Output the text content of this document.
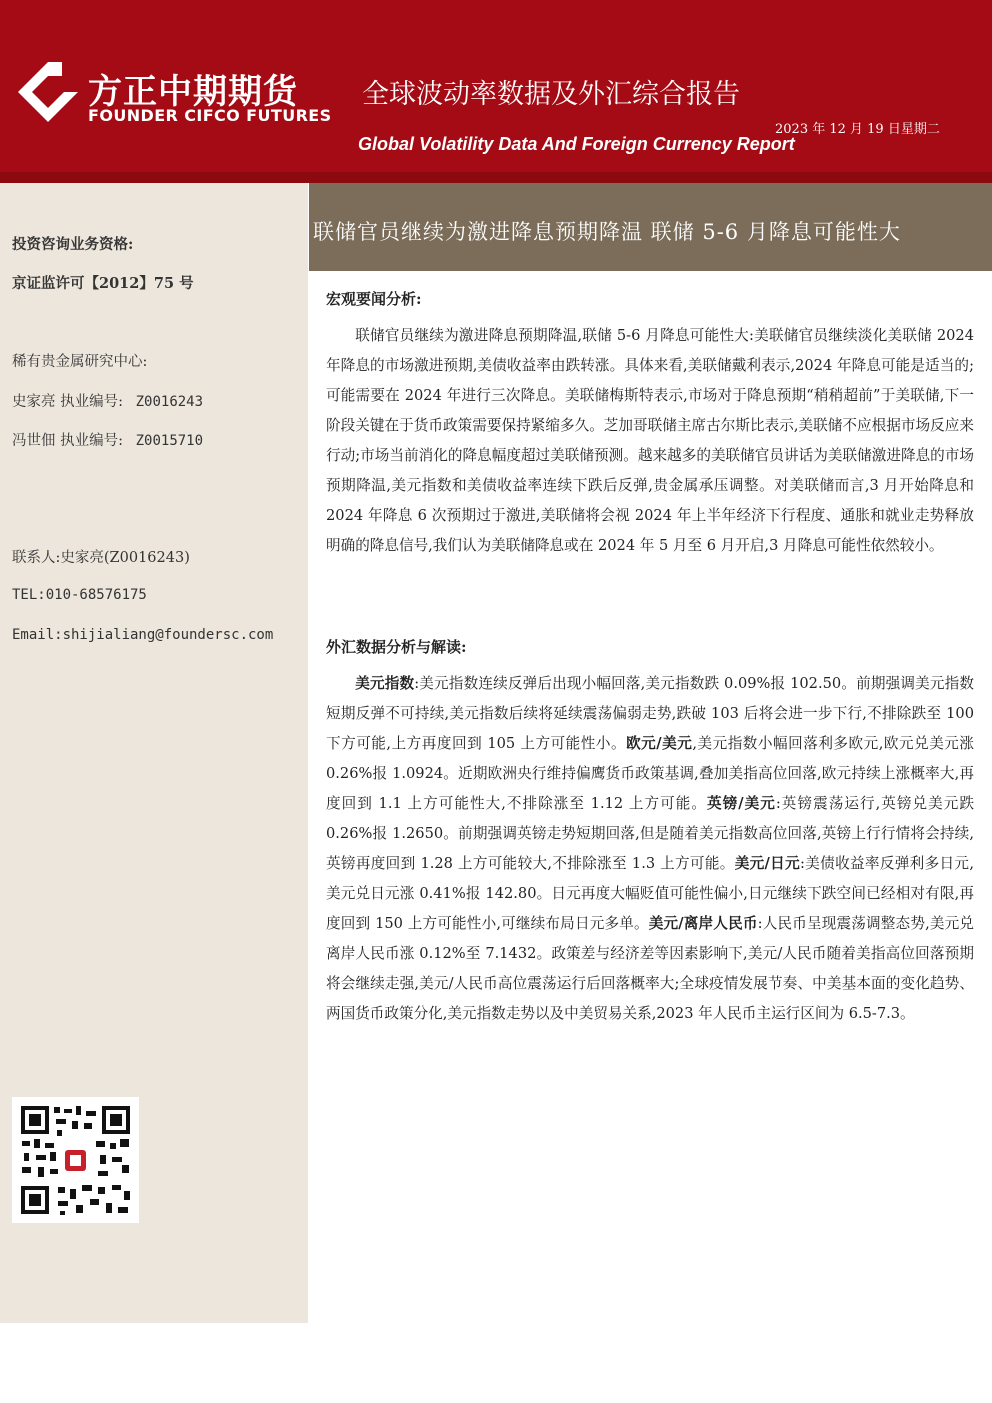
方正中期期货
FOUNDER CIFCO FUTURES
全球波动率数据及外汇综合报告
2023 年 12 月 19 日星期二
Global Volatility Data And Foreign Currency Report
投资咨询业务资格:
京证监许可【2012】75 号
稀有贵金属研究中心:
史家亮 执业编号: Z0016243
冯世佃 执业编号: Z0015710
联系人:史家亮(Z0016243)
TEL:010-68576175
Email:shijialiang@foundersc.com
联储官员继续为激进降息预期降温 联储 5-6 月降息可能性大
宏观要闻分析:
联储官员继续为激进降息预期降温,联储 5-6 月降息可能性大:美联储官员继续淡化美联储 2024 年降息的市场激进预期,美债收益率由跌转涨。具体来看,美联储戴利表示,2024 年降息可能是适当的;可能需要在 2024 年进行三次降息。美联储梅斯特表示,市场对于降息预期“稍稍超前”于美联储,下一阶段关键在于货币政策需要保持紧缩多久。芝加哥联储主席古尔斯比表示,美联储不应根据市场反应来行动;市场当前消化的降息幅度超过美联储预测。越来越多的美联储官员讲话为美联储激进降息的市场预期降温,美元指数和美债收益率连续下跌后反弹,贵金属承压调整。对美联储而言,3 月开始降息和 2024 年降息 6 次预期过于激进,美联储将会视 2024 年上半年经济下行程度、通胀和就业走势释放明确的降息信号,我们认为美联储降息或在 2024 年 5 月至 6 月开启,3 月降息可能性依然较小。
外汇数据分析与解读:
美元指数:美元指数连续反弹后出现小幅回落,美元指数跌 0.09%报 102.50。前期强调美元指数短期反弹不可持续,美元指数后续将延续震荡偏弱走势,跌破 103 后将会进一步下行,不排除跌至 100 下方可能,上方再度回到 105 上方可能性小。欧元/美元,美元指数小幅回落利多欧元,欧元兑美元涨 0.26%报 1.0924。近期欧洲央行维持偏鹰货币政策基调,叠加美指高位回落,欧元持续上涨概率大,再度回到 1.1 上方可能性大,不排除涨至 1.12 上方可能。英镑/美元:英镑震荡运行,英镑兑美元跌 0.26%报 1.2650。前期强调英镑走势短期回落,但是随着美元指数高位回落,英镑上行行情将会持续,英镑再度回到 1.28 上方可能较大,不排除涨至 1.3 上方可能。美元/日元:美债收益率反弹利多日元,美元兑日元涨 0.41%报 142.80。日元再度大幅贬值可能性偏小,日元继续下跌空间已经相对有限,再度回到 150 上方可能性小,可继续布局日元多单。美元/离岸人民币:人民币呈现震荡调整态势,美元兑离岸人民币涨 0.12%至 7.1432。政策差与经济差等因素影响下,美元/人民币随着美指高位回落预期将会继续走强,美元/人民币高位震荡运行后回落概率大;全球疫情发展节奏、中美基本面的变化趋势、两国货币政策分化,美元指数走势以及中美贸易关系,2023 年人民币主运行区间为 6.5-7.3。
